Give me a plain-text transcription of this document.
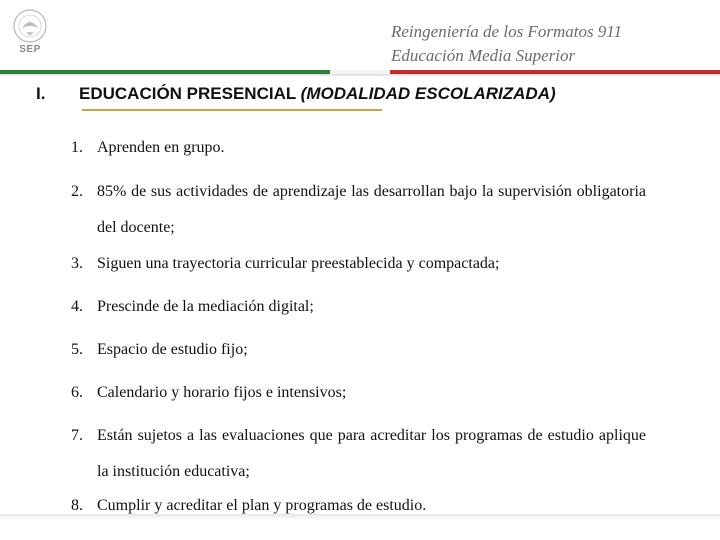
SEP
Reingeniería de los Formatos 911
Educación Media Superior
I. EDUCACIÓN PRESENCIAL (MODALIDAD ESCOLARIZADA)
1. Aprenden en grupo.
2. 85% de sus actividades de aprendizaje las desarrollan bajo la supervisión obligatoria del docente;
3. Siguen una trayectoria curricular preestablecida y compactada;
4. Prescinde de la mediación digital;
5. Espacio de estudio fijo;
6. Calendario y horario fijos e intensivos;
7. Están sujetos a las evaluaciones que para acreditar los programas de estudio aplique la institución educativa;
8. Cumplir y acreditar el plan y programas de estudio.
